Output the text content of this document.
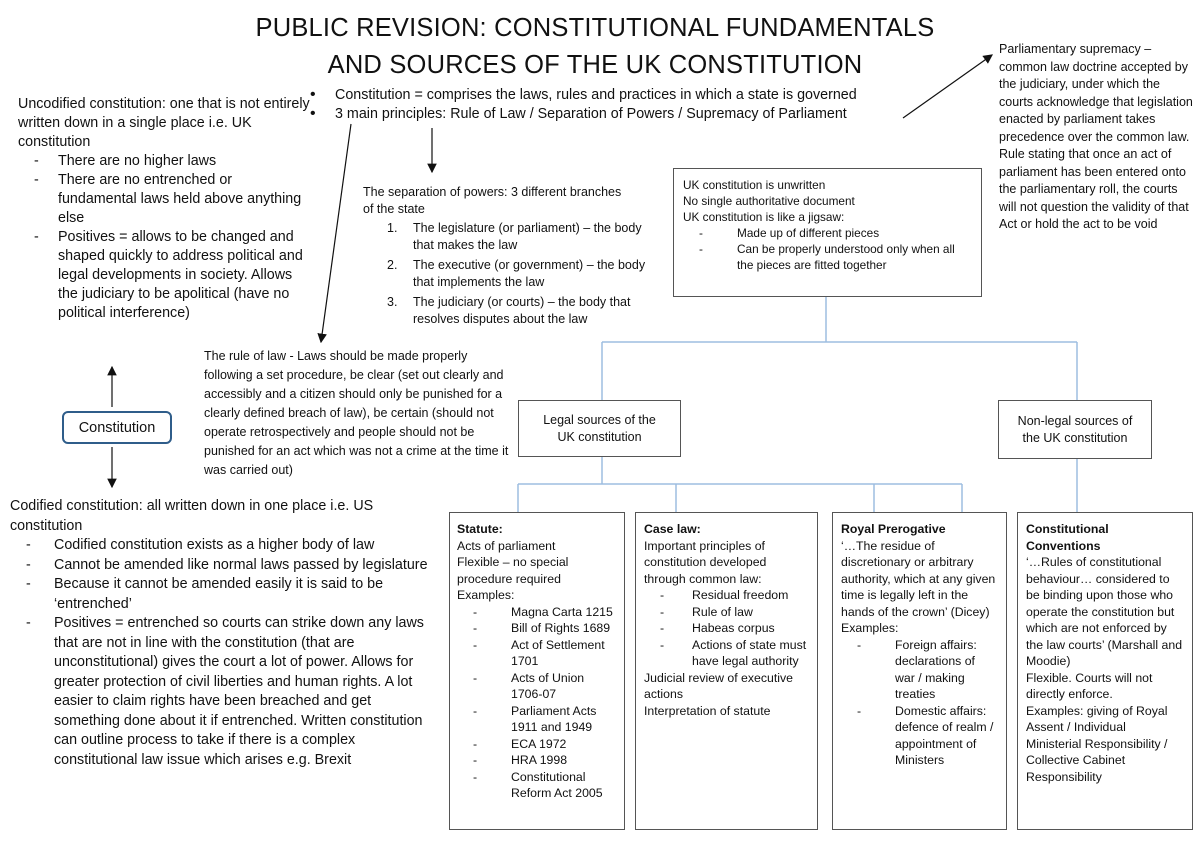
PUBLIC REVISION: CONSTITUTIONAL FUNDAMENTALS
AND SOURCES OF THE UK CONSTITUTION
• Constitution = comprises the laws, rules and practices in which a state is governed
• 3 main principles: Rule of Law / Separation of Powers / Supremacy of Parliament
Uncodified constitution: one that is not entirely written down in a single place i.e. UK constitution
- There are no higher laws
- There are no entrenched or fundamental laws held above anything else
- Positives = allows to be changed and shaped quickly to address political and legal developments in society. Allows the judiciary to be apolitical (have no political interference)
Constitution
Codified constitution: all written down in one place i.e. US constitution
- Codified constitution exists as a higher body of law
- Cannot be amended like normal laws passed by legislature
- Because it cannot be amended easily it is said to be ‘entrenched’
- Positives = entrenched so courts can strike down any laws that are not in line with the constitution (that are unconstitutional) gives the court a lot of power. Allows for greater protection of civil liberties and human rights. A lot easier to claim rights have been breached and get something done about it if entrenched. Written constitution can outline process to take if there is a complex constitutional law issue which arises e.g. Brexit
The separation of powers: 3 different branches of the state
1. The legislature (or parliament) – the body that makes the law
2. The executive (or government) – the body that implements the law
3. The judiciary (or courts) – the body that resolves disputes about the law
The rule of law - Laws should be made properly following a set procedure, be clear (set out clearly and accessibly and a citizen should only be punished for a clearly defined breach of law), be certain (should not operate retrospectively and people should not be punished for an act which was not a crime at the time it was carried out)
Parliamentary supremacy – common law doctrine accepted by the judiciary, under which the courts acknowledge that legislation enacted by parliament takes precedence over the common law. Rule stating that once an act of parliament has been entered onto the parliamentary roll, the courts will not question the validity of that Act or hold the act to be void
UK constitution is unwritten
No single authoritative document
UK constitution is like a jigsaw:
- Made up of different pieces
- Can be properly understood only when all the pieces are fitted together
Legal sources of the UK constitution
Non-legal sources of the UK constitution
Statute:
Acts of parliament
Flexible – no special procedure required
Examples:
- Magna Carta 1215
- Bill of Rights 1689
- Act of Settlement 1701
- Acts of Union 1706-07
- Parliament Acts 1911 and 1949
- ECA 1972
- HRA 1998
- Constitutional Reform Act 2005
Case law:
Important principles of constitution developed through common law:
- Residual freedom
- Rule of law
- Habeas corpus
- Actions of state must have legal authority
Judicial review of executive actions
Interpretation of statute
Royal Prerogative
‘…The residue of discretionary or arbitrary authority, which at any given time is legally left in the hands of the crown’ (Dicey)
Examples:
- Foreign affairs: declarations of war / making treaties
- Domestic affairs: defence of realm / appointment of Ministers
Constitutional Conventions
‘…Rules of constitutional behaviour… considered to be binding upon those who operate the constitution but which are not enforced by the law courts’ (Marshall and Moodie)
Flexible. Courts will not directly enforce.
Examples: giving of Royal Assent / Individual Ministerial Responsibility / Collective Cabinet Responsibility
